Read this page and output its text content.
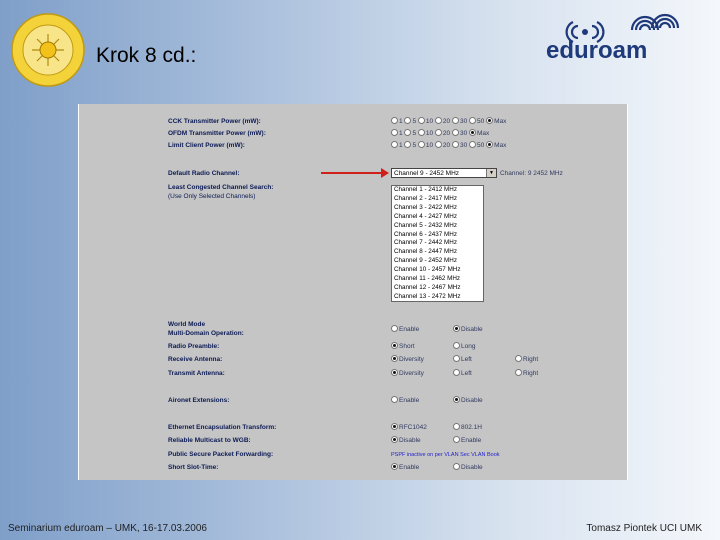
Krok 8 cd.:	eduroam
CCK Transmitter Power (mW):	1 5 10 20 30 50 Max
OFDM Transmitter Power (mW):	1 5 10 20 30 Max
Limit Client Power (mW):	1 5 10 20 30 50 Max
Default Radio Channel:	Channel 9 - 2452 MHz	▼ Channel: 9 2452 MHz
Least Congested Channel Search:
(Use Only Selected Channels)
Channel 1 - 2412 MHz
Channel 2 - 2417 MHz
Channel 3 - 2422 MHz
Channel 4 - 2427 MHz
Channel 5 - 2432 MHz
Channel 6 - 2437 MHz
Channel 7 - 2442 MHz
Channel 8 - 2447 MHz
Channel 9 - 2452 MHz
Channel 10 - 2457 MHz
Channel 11 - 2462 MHz
Channel 12 - 2467 MHz
Channel 13 - 2472 MHz
World Mode
Multi-Domain Operation:
Enable	Disable
Radio Preamble:	Short	Long
Receive Antenna:	Diversity	Left	Right
Transmit Antenna:	Diversity	Left	Right
Aironet Extensions:	Enable	Disable
Ethernet Encapsulation Transform:	RFC1042	802.1H
Reliable Multicast to WGB:	Disable	Enable
Public Secure Packet Forwarding:	PSPF inactive on per VLAN Sec VLAN Book
Short Slot-Time:	Enable	Disable
Seminarium eduroam – UMK, 16-17.03.2006	Tomasz Piontek UCI UMK
